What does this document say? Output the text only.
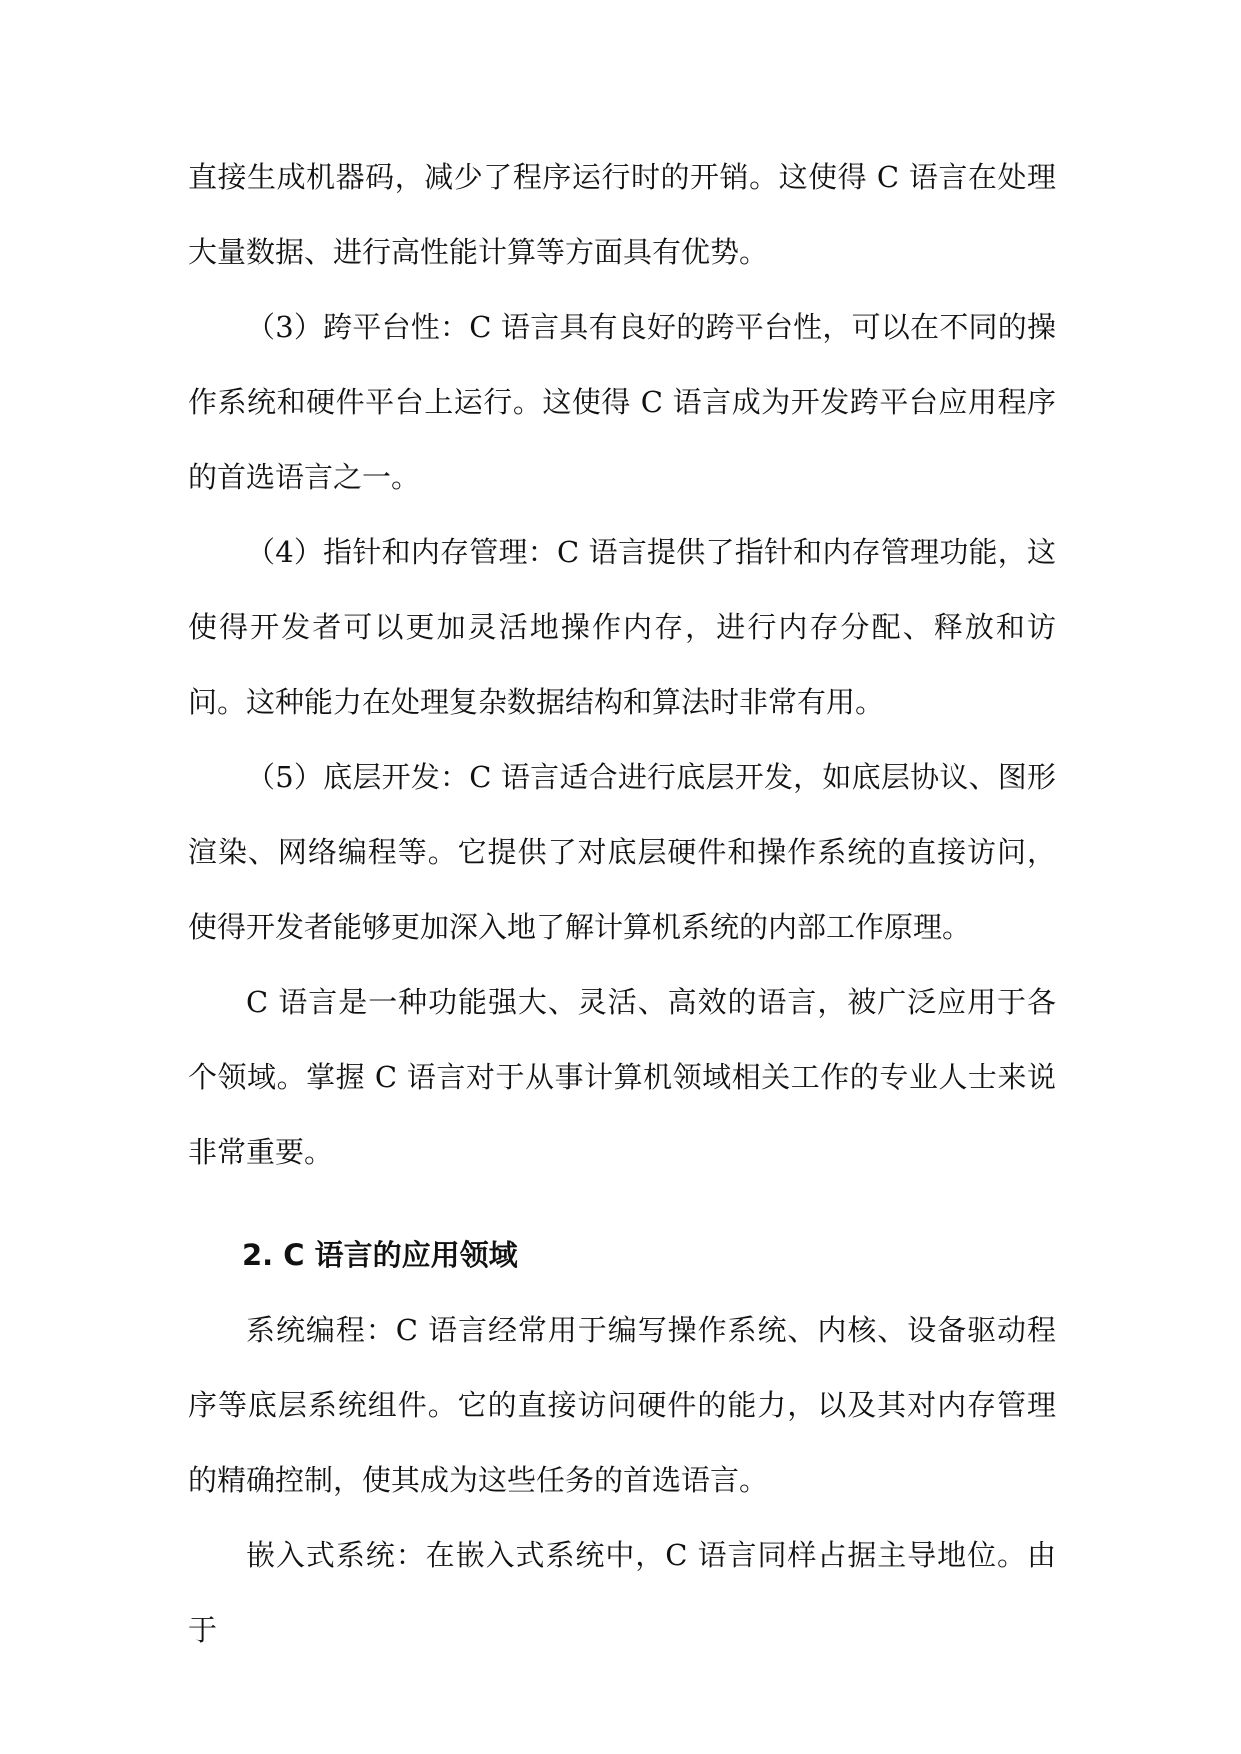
直接生成机器码，减少了程序运行时的开销。这使得 C 语言在处理大量数据、进行高性能计算等方面具有优势。

（3）跨平台性：C 语言具有良好的跨平台性，可以在不同的操作系统和硬件平台上运行。这使得 C 语言成为开发跨平台应用程序的首选语言之一。

（4）指针和内存管理：C 语言提供了指针和内存管理功能，这使得开发者可以更加灵活地操作内存，进行内存分配、释放和访问。这种能力在处理复杂数据结构和算法时非常有用。

（5）底层开发：C 语言适合进行底层开发，如底层协议、图形渲染、网络编程等。它提供了对底层硬件和操作系统的直接访问，使得开发者能够更加深入地了解计算机系统的内部工作原理。

C 语言是一种功能强大、灵活、高效的语言，被广泛应用于各个领域。掌握 C 语言对于从事计算机领域相关工作的专业人士来说非常重要。

2. C 语言的应用领域

系统编程：C 语言经常用于编写操作系统、内核、设备驱动程序等底层系统组件。它的直接访问硬件的能力，以及其对内存管理的精确控制，使其成为这些任务的首选语言。

嵌入式系统：在嵌入式系统中，C 语言同样占据主导地位。由于
